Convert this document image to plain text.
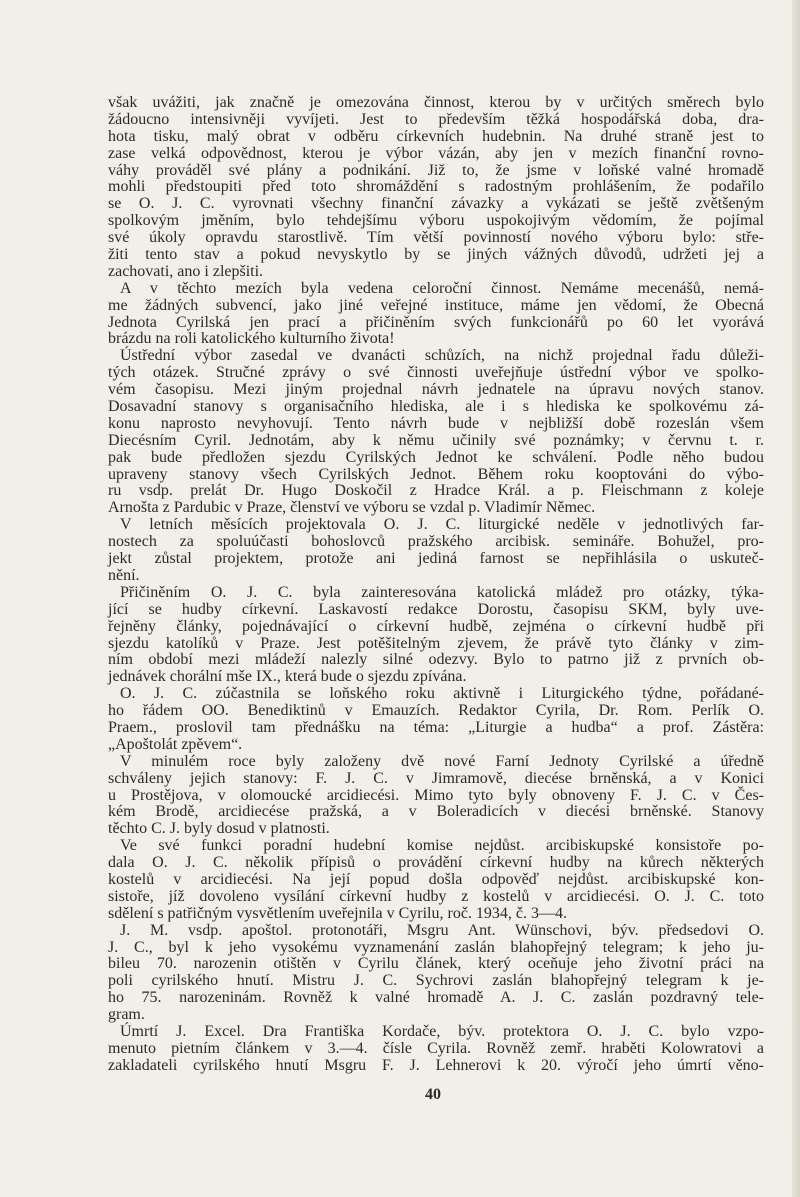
však uvážiti, jak značně je omezována činnost, kterou by v určitých směrech bylo
žádoucno intensivněji vyvíjeti. Jest to především těžká hospodářská doba, dra-
hota tisku, malý obrat v odběru církevních hudebnin. Na druhé straně jest to
zase velká odpovědnost, kterou je výbor vázán, aby jen v mezích finanční rovno-
váhy prováděl své plány a podnikání. Již to, že jsme v loňské valné hromadě
mohli předstoupiti před toto shromáždění s radostným prohlášením, že podařilo
se O. J. C. vyrovnati všechny finanční závazky a vykázati se ještě zvětšeným
spolkovým jměním, bylo tehdejšímu výboru uspokojivým vědomím, že pojímal
své úkoly opravdu starostlivě. Tím větší povinností nového výboru bylo: stře-
žiti tento stav a pokud nevyskytlo by se jiných vážných důvodů, udržeti jej a
zachovati, ano i zlepšiti.
A v těchto mezích byla vedena celoroční činnost. Nemáme mecenášů, nemá-
me žádných subvencí, jako jiné veřejné instituce, máme jen vědomí, že Obecná
Jednota Cyrilská jen prací a přičiněním svých funkcionářů po 60 let vyorává
brázdu na roli katolického kulturního života!
Ústřední výbor zasedal ve dvanácti schůzích, na nichž projednal řadu důleži-
tých otázek. Stručné zprávy o své činnosti uveřejňuje ústřední výbor ve spolko-
vém časopisu. Mezi jiným projednal návrh jednatele na úpravu nových stanov.
Dosavadní stanovy s organisačního hlediska, ale i s hlediska ke spolkovému zá-
konu naprosto nevyhovují. Tento návrh bude v nejbližší době rozeslán všem
Diecésním Cyril. Jednotám, aby k němu učinily své poznámky; v červnu t. r.
pak bude předložen sjezdu Cyrilských Jednot ke schválení. Podle něho budou
upraveny stanovy všech Cyrilských Jednot. Během roku kooptováni do výbo-
ru vsdp. prelát Dr. Hugo Doskočil z Hradce Král. a p. Fleischmann z koleje
Arnošta z Pardubic v Praze, členství ve výboru se vzdal p. Vladimír Němec.
V letních měsících projektovala O. J. C. liturgické neděle v jednotlivých far-
nostech za spoluúčasti bohoslovců pražského arcibisk. semináře. Bohužel, pro-
jekt zůstal projektem, protože ani jediná farnost se nepřihlásila o uskuteč-
nění.
Přičiněním O. J. C. byla zainteresována katolická mládež pro otázky, týka-
jící se hudby církevní. Laskavostí redakce Dorostu, časopisu SKM, byly uve-
řejněny články, pojednávající o církevní hudbě, zejména o církevní hudbě při
sjezdu katolíků v Praze. Jest potěšitelným zjevem, že právě tyto články v zim-
ním období mezi mládeží nalezly silné odezvy. Bylo to patrno již z prvních ob-
jednávek chorální mše IX., která bude o sjezdu zpívána.
O. J. C. zúčastnila se loňského roku aktivně i Liturgického týdne, pořádané-
ho řádem OO. Benediktinů v Emauzích. Redaktor Cyrila, Dr. Rom. Perlík O.
Praem., proslovil tam přednášku na téma: „Liturgie a hudba“ a prof. Zástěra:
„Apoštolát zpěvem“.
V minulém roce byly založeny dvě nové Farní Jednoty Cyrilské a úředně
schváleny jejich stanovy: F. J. C. v Jimramově, diecése brněnská, a v Konici
u Prostějova, v olomoucké arcidiecési. Mimo tyto byly obnoveny F. J. C. v Čes-
kém Brodě, arcidiecése pražská, a v Boleradicích v diecési brněnské. Stanovy
těchto C. J. byly dosud v platnosti.
Ve své funkci poradní hudební komise nejdůst. arcibiskupské konsistoře po-
dala O. J. C. několik přípisů o provádění církevní hudby na kůrech některých
kostelů v arcidiecési. Na její popud došla odpověď nejdůst. arcibiskupské kon-
sistoře, jíž dovoleno vysílání církevní hudby z kostelů v arcidiecési. O. J. C. toto
sdělení s patřičným vysvětlením uveřejnila v Cyrilu, roč. 1934, č. 3—4.
J. M. vsdp. apoštol. protonotáři, Msgru Ant. Wünschovi, býv. předsedovi O.
J. C., byl k jeho vysokému vyznamenání zaslán blahopřejný telegram; k jeho ju-
bileu 70. narozenin otištěn v Cyrilu článek, který oceňuje jeho životní práci na
poli cyrilského hnutí. Mistru J. C. Sychrovi zaslán blahopřejný telegram k je-
ho 75. narozeninám. Rovněž k valné hromadě A. J. C. zaslán pozdravný tele-
gram.
Úmrtí J. Excel. Dra Františka Kordače, býv. protektora O. J. C. bylo vzpo-
menuto pietním článkem v 3.—4. čísle Cyrila. Rovněž zemř. hraběti Kolowratovi a
zakladateli cyrilského hnutí Msgru F. J. Lehnerovi k 20. výročí jeho úmrtí věno-
40
